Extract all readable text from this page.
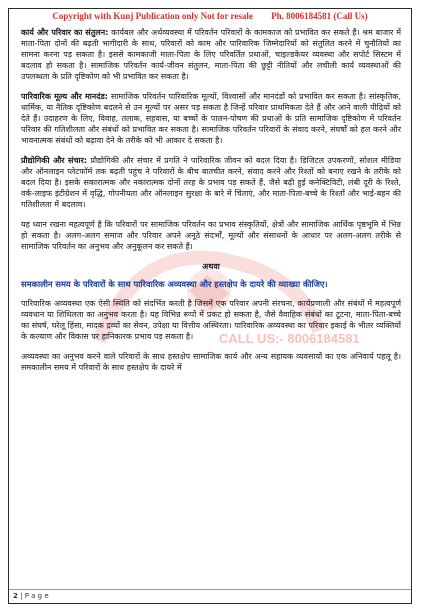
Copyright with Kunj Publication only Not for resale Ph. 8006184581 (Call Us)
CALL US:- 8006184581

कार्य और परिवार का संतुलन: कार्यबल और अर्थव्यवस्था में परिवर्तन परिवारों के कामकाज को प्रभावित कर सकते हैं। श्रम बाजार में माता-पिता दोनों की बढ़ती भागीदारी के साथ, परिवारों को काम और पारिवारिक जिम्मेदारियों को संतुलित करने में चुनौतियों का सामना करना पड़ सकता है। इससे कामकाजी माता-पिता के लिए परिवर्तित प्रथाओं, चाइल्डकेयर व्यवस्था और सपोर्ट सिस्टम में बदलाव हो सकता है। सामाजिक परिवर्तन कार्य-जीवन संतुलन, माता-पिता की छुट्टी नीतियों और लचीली कार्य व्यवस्थाओं की उपलब्धता के प्रति दृष्टिकोण को भी प्रभावित कर सकता है।

पारिवारिक मूल्य और मानदंड: सामाजिक परिवर्तन पारिवारिक मूल्यों, विश्वासों और मानदंडों को प्रभावित कर सकता है। सांस्कृतिक, धार्मिक, या नैतिक दृष्टिकोण बदलने से उन मूल्यों पर असर पड़ सकता है जिन्हें परिवार प्राथमिकता देते हैं और आने वाली पीढ़ियों को देते हैं। उदाहरण के लिए, विवाह, तलाक, सहवास, या बच्चों के पालन-पोषण की प्रथाओं के प्रति सामाजिक दृष्टिकोण में परिवर्तन परिवार की गतिशीलता और संबंधों को प्रभावित कर सकता है। सामाजिक परिवर्तन परिवारों के संवाद करने, संघर्षों को हल करने और भावनात्मक संबंधों को बढ़ावा देने के तरीके को भी आकार दे सकता है।

प्रौद्योगिकी और संचार: प्रौद्योगिकी और संचार में प्रगति ने पारिवारिक जीवन को बदल दिया है। डिजिटल उपकरणों, सोशल मीडिया और ऑनलाइन प्लेटफॉर्म तक बढ़ती पहुंच ने परिवारों के बीच बातचीत करने, संवाद करने और रिश्तों को बनाए रखने के तरीके को बदल दिया है। इसके सकारात्मक और नकारात्मक दोनों तरह के प्रभाव पड़ सकते हैं, जैसे बढ़ी हुई कनेक्टिविटी, लंबी दूरी के रिश्ते, वर्क-लाइफ इंटीग्रेशन में वृद्धि, गोपनीयता और ऑनलाइन सुरक्षा के बारे में चिंताएं, और माता-पिता-बच्चे के रिश्तों और भाई-बहन की गतिशीलता में बदलाव।

यह ध्यान रखना महत्वपूर्ण है कि परिवारों पर सामाजिक परिवर्तन का प्रभाव संस्कृतियों, क्षेत्रों और सामाजिक आर्थिक पृष्ठभूमि में भिन्न हो सकता है। अलग-अलग समाज और परिवार अपने अनूठे संदर्भों, मूल्यों और संसाधनों के आधार पर अलग-अलग तरीके से सामाजिक परिवर्तन का अनुभव और अनुकूलन कर सकते हैं।

अथवा
समकालीन समय के परिवारों के साथ पारिवारिक अव्यवस्था और हस्तक्षेप के दायरे की व्याख्या कीजिए।

पारिवारिक अव्यवस्था एक ऐसी स्थिति को संदर्भित करती है जिसमें एक परिवार अपनी संरचना, कार्यप्रणाली और संबंधों में महत्वपूर्ण व्यवधान या शिथिलता का अनुभव करता है। यह विभिन्न रूपों में प्रकट हो सकता है, जैसे वैवाहिक संबंधों का टूटना, माता-पिता-बच्चे का संघर्ष, घरेलू हिंसा, मादक द्रव्यों का सेवन, उपेक्षा या वित्तीय अस्थिरता। पारिवारिक अव्यवस्था का परिवार इकाई के भीतर व्यक्तियों के कल्याण और विकास पर हानिकारक प्रभाव पड़ सकता है।

अव्यवस्था का अनुभव करने वाले परिवारों के साथ हस्तक्षेप सामाजिक कार्य और अन्य सहायक व्यवसायों का एक अनिवार्य पहलू है। समकालीन समय में परिवारों के साथ हस्तक्षेप के दायरे में

2 | P a g e
